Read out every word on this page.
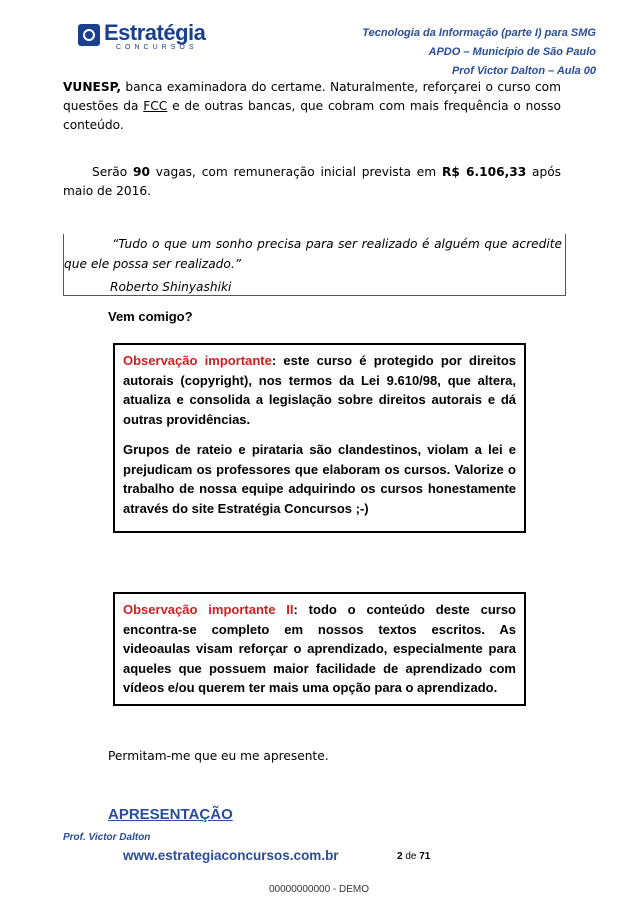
Estratégia
CONCURSOS
Tecnologia da Informação (parte I) para SMG
APDO – Município de São Paulo
Prof Victor Dalton – Aula 00
VUNESP, banca examinadora do certame. Naturalmente, reforçarei o curso com questões da FCC e de outras bancas, que cobram com mais frequência o nosso conteúdo.
Serão 90 vagas, com remuneração inicial prevista em R$ 6.106,33 após maio de 2016.
“Tudo o que um sonho precisa para ser realizado é alguém que acredite que ele possa ser realizado.”
Roberto Shinyashiki
Vem comigo?

Observação importante: este curso é protegido por direitos autorais (copyright), nos termos da Lei 9.610/98, que altera, atualiza e consolida a legislação sobre direitos autorais e dá outras providências.

Grupos de rateio e pirataria são clandestinos, violam a lei e prejudicam os professores que elaboram os cursos. Valorize o trabalho de nossa equipe adquirindo os cursos honestamente através do site Estratégia Concursos ;-)

Observação importante II: todo o conteúdo deste curso encontra-se completo em nossos textos escritos. As videoaulas visam reforçar o aprendizado, especialmente para aqueles que possuem maior facilidade de aprendizado com vídeos e/ou querem ter mais uma opção para o aprendizado.

Permitam-me que eu me apresente.
APRESENTAÇÃO
Prof. Victor Dalton
www.estrategiaconcursos.com.br	2 de 71
00000000000 - DEMO
